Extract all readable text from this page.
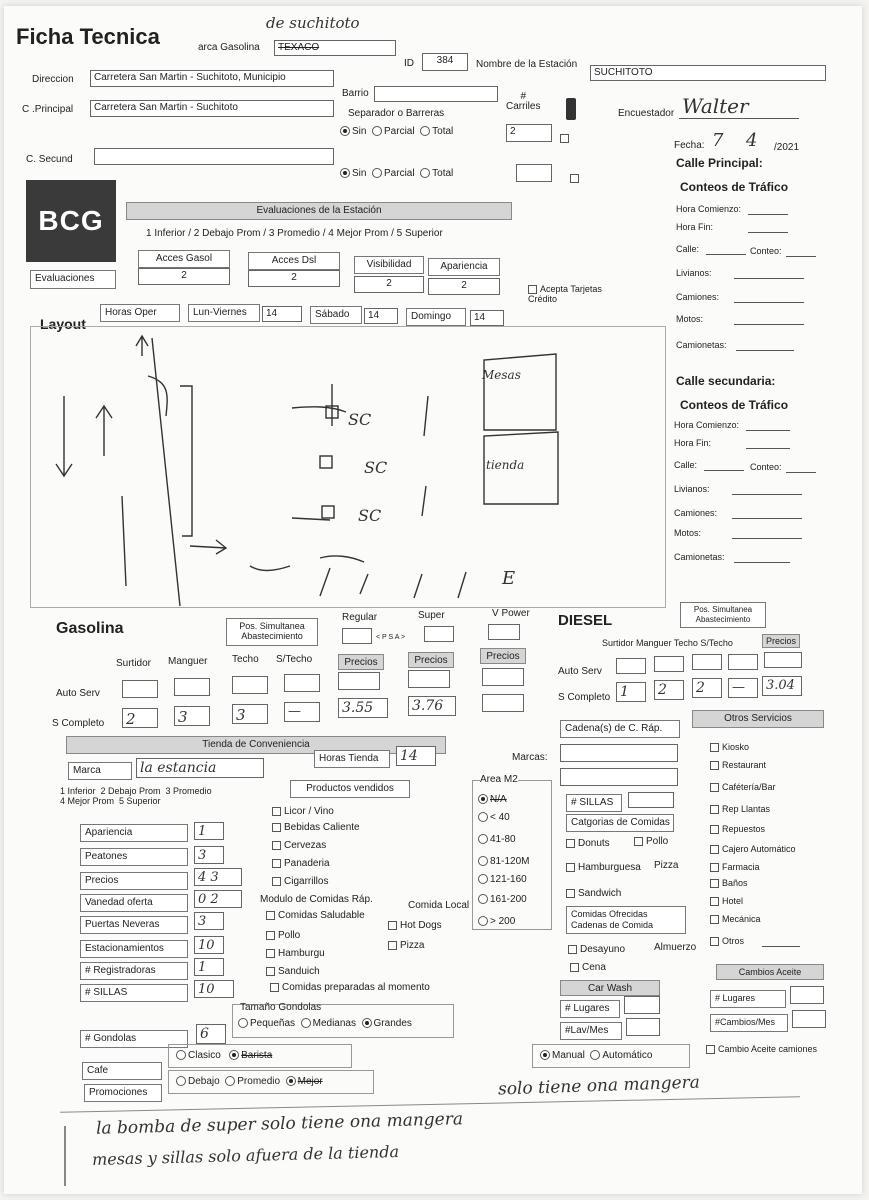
Ficha Tecnica	arca Gasolina
de suchitoto
TEXACO
ID	384	Nombre de la Estación
SUCHITOTO
Direccion	Carretera San Martin - Suchitoto, Municipio
Barrio	#
Carriles
Encuestador Walter
C .Principal	Carretera San Martin - Suchitoto
Separador o Barreras
Sin Parcial Total	2
Fecha: 7 4 /2021
C. Secund
Sin Parcial Total
Calle Principal:
Conteos de Tráfico
Hora Comienzo:
Hora Fin:
Calle:	Conteo:
Livianos:
Camiones:
Motos:
Camionetas:
Calle secundaria:
Conteos de Tráfico
Hora Comienzo:
Hora Fin:
Calle:	Conteo:
Livianos:
Camiones:
Motos:
Camionetas:
BCG	Evaluaciones de la Estación
1 Inferior / 2 Debajo Prom / 3 Promedio / 4 Mejor Prom / 5 Superior
Acces Gasol
2
Acces Dsl
2
Visibilidad
2
Apariencia
2
Evaluaciones
Acepta Tarjetas
Crédito
Horas Oper	Lun-Viernes	14	Sábado	14	Domingo	14
Layout
Mesas
tienda
SC
SC
SC
E
Gasolina	Pos. Simultanea
Abastecimiento
Regular	Super	V Power
< P S A >
Surtidor Manguer Techo S/Techo	Precios	Precios	Precios
Auto Serv
S Completo 2	3	3	—	3.55	3.76
DIESEL
Pos. Simultanea
Abastecimiento
Surtidor Manguer Techo S/Techo	Precios
Auto Serv
S Completo 1	2	2	—	3.04
Tienda de Conveniencia
Marca	la estancia
Horas Tienda	14
1 Inferior  2 Debajo Prom  3 Promedio
4 Mejor Prom  5 Superior
Apariencia	1
Peatones	3
Precios	4 3
Vanedad oferta	0 2
Puertas Neveras	3
Estacionamientos	10
# Registradoras	1
# SILLAS	10
# Gondolas	6
Cafe
Promociones
Tamaño Gondolas
Pequeñas Medianas Grandes
Clasico Barista
Debajo Promedio Mejor
Productos vendidos
Licor / Vino
Bebidas Caliente
Cervezas
Panaderia
Cigarrillos
Modulo de Comidas Ráp.
Comida Local
Comidas Saludable
Pollo
Hamburgu
Sanduich
Comidas preparadas al momento
Hot Dogs
Pizza
Marcas:
Area M2
N/A
< 40
41-80
81-120M
121-160
161-200
> 200
Cadena(s) de C. Ráp.
# SILLAS
Catgorias de Comidas
Donuts	Pollo
Hamburguesa Pizza
Sandwich
Comidas Ofrecidas
Cadenas de Comida
Desayuno	Almuerzo
Cena
Car Wash
# Lugares
#Lav/Mes
Manual Automático
Otros Servicios
Kiosko
Restaurant
Cafétería/Bar
Rep Llantas
Repuestos
Cajero Automático
Farmacia
Baños
Hotel
Mecánica
Otros
Cambios Aceite
# Lugares
#Cambios/Mes
Cambio Aceite camiones
solo tiene ona mangera
la bomba de super solo tiene ona mangera
mesas y sillas solo afuera de la tienda
